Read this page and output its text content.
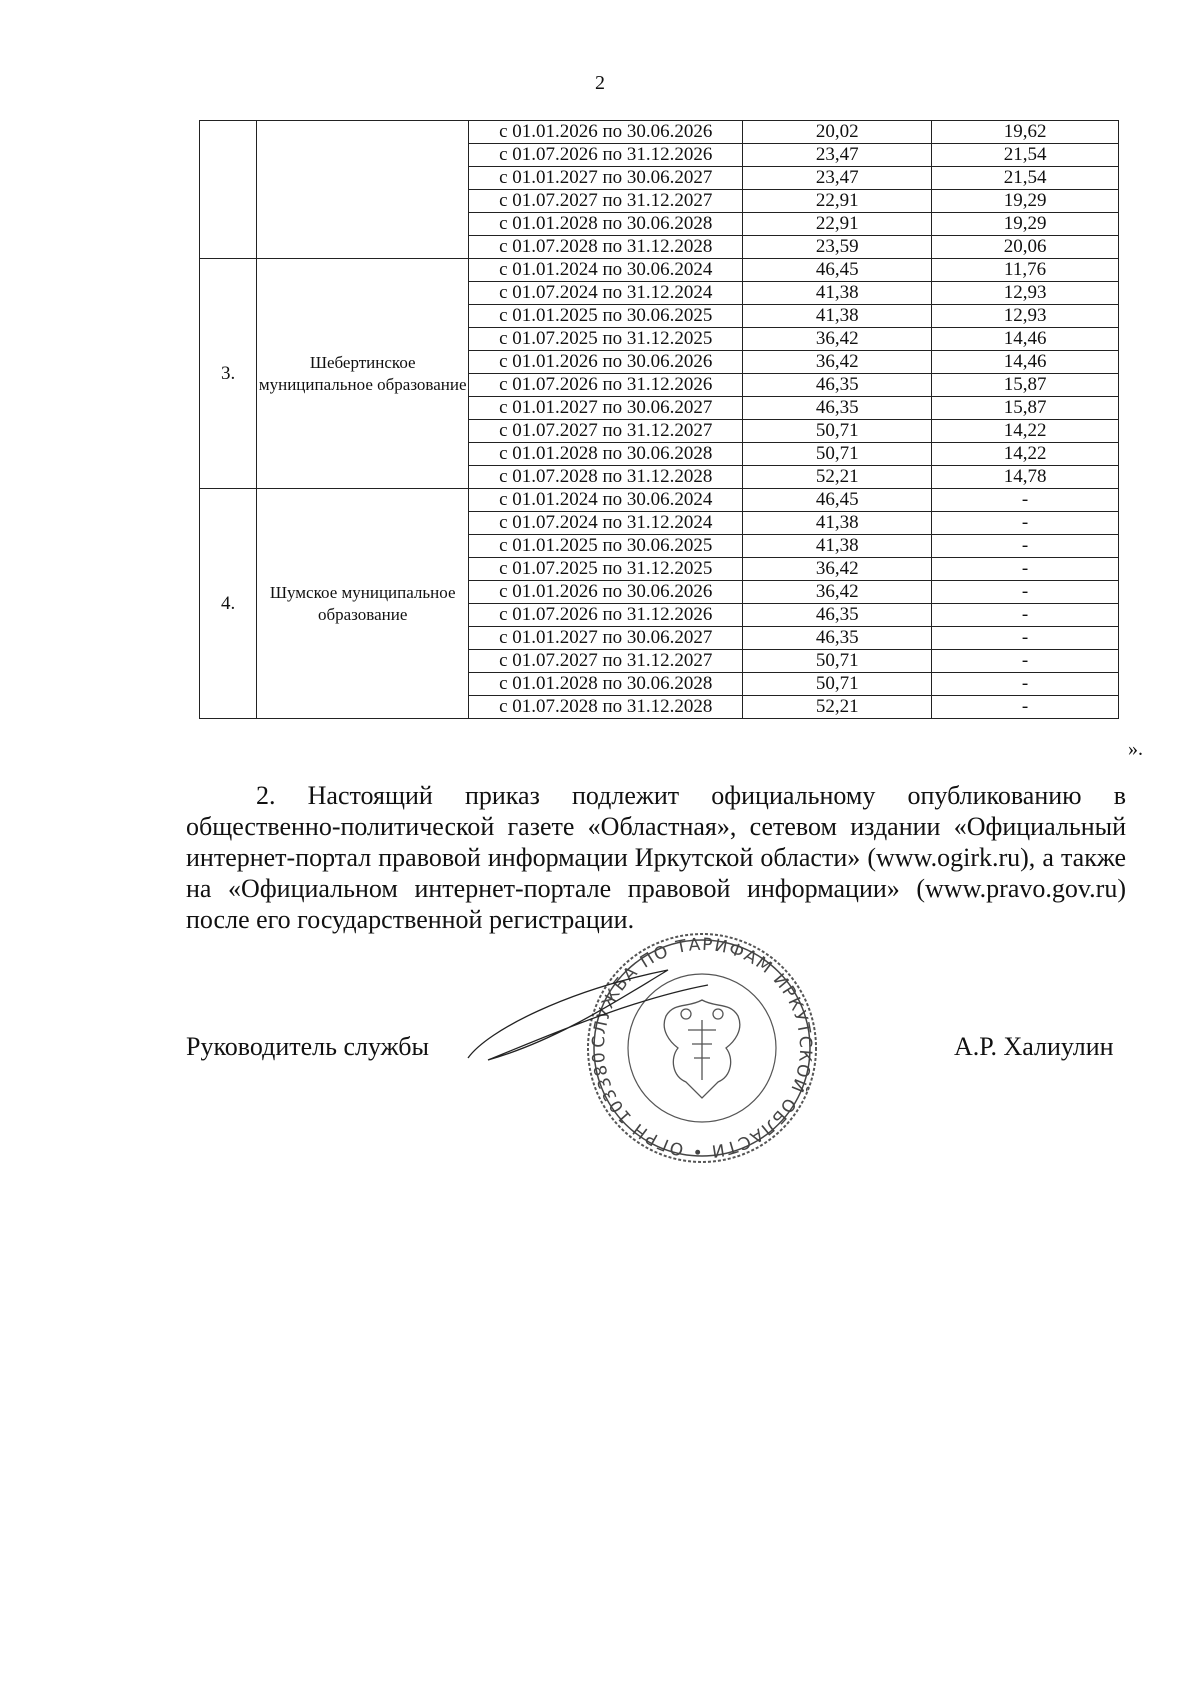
2
		с 01.01.2026 по 30.06.2026	20,02	19,62
		с 01.07.2026 по 31.12.2026	23,47	21,54
		с 01.01.2027 по 30.06.2027	23,47	21,54
		с 01.07.2027 по 31.12.2027	22,91	19,29
		с 01.01.2028 по 30.06.2028	22,91	19,29
		с 01.07.2028 по 31.12.2028	23,59	20,06
3.	Шебертинское муниципальное образование	с 01.01.2024 по 30.06.2024	46,45	11,76
		с 01.07.2024 по 31.12.2024	41,38	12,93
		с 01.01.2025 по 30.06.2025	41,38	12,93
		с 01.07.2025 по 31.12.2025	36,42	14,46
		с 01.01.2026 по 30.06.2026	36,42	14,46
		с 01.07.2026 по 31.12.2026	46,35	15,87
		с 01.01.2027 по 30.06.2027	46,35	15,87
		с 01.07.2027 по 31.12.2027	50,71	14,22
		с 01.01.2028 по 30.06.2028	50,71	14,22
		с 01.07.2028 по 31.12.2028	52,21	14,78
4.	Шумское муниципальное образование	с 01.01.2024 по 30.06.2024	46,45	-
		с 01.07.2024 по 31.12.2024	41,38	-
		с 01.01.2025 по 30.06.2025	41,38	-
		с 01.07.2025 по 31.12.2025	36,42	-
		с 01.01.2026 по 30.06.2026	36,42	-
		с 01.07.2026 по 31.12.2026	46,35	-
		с 01.01.2027 по 30.06.2027	46,35	-
		с 01.07.2027 по 31.12.2027	50,71	-
		с 01.01.2028 по 30.06.2028	50,71	-
		с 01.07.2028 по 31.12.2028	52,21	-
».

2. Настоящий приказ подлежит официальному опубликованию в общественно-политической газете «Областная», сетевом издании «Официальный интернет-портал правовой информации Иркутской области» (www.ogirk.ru), а также на «Официальном интернет-портале правовой информации» (www.pravo.gov.ru) после его государственной регистрации.

Руководитель службы	А.Р. Халиулин
СЛУЖБА ПО ТАРИФАМ ИРКУТСКОЙ ОБЛАСТИ • ОГРН 103380
